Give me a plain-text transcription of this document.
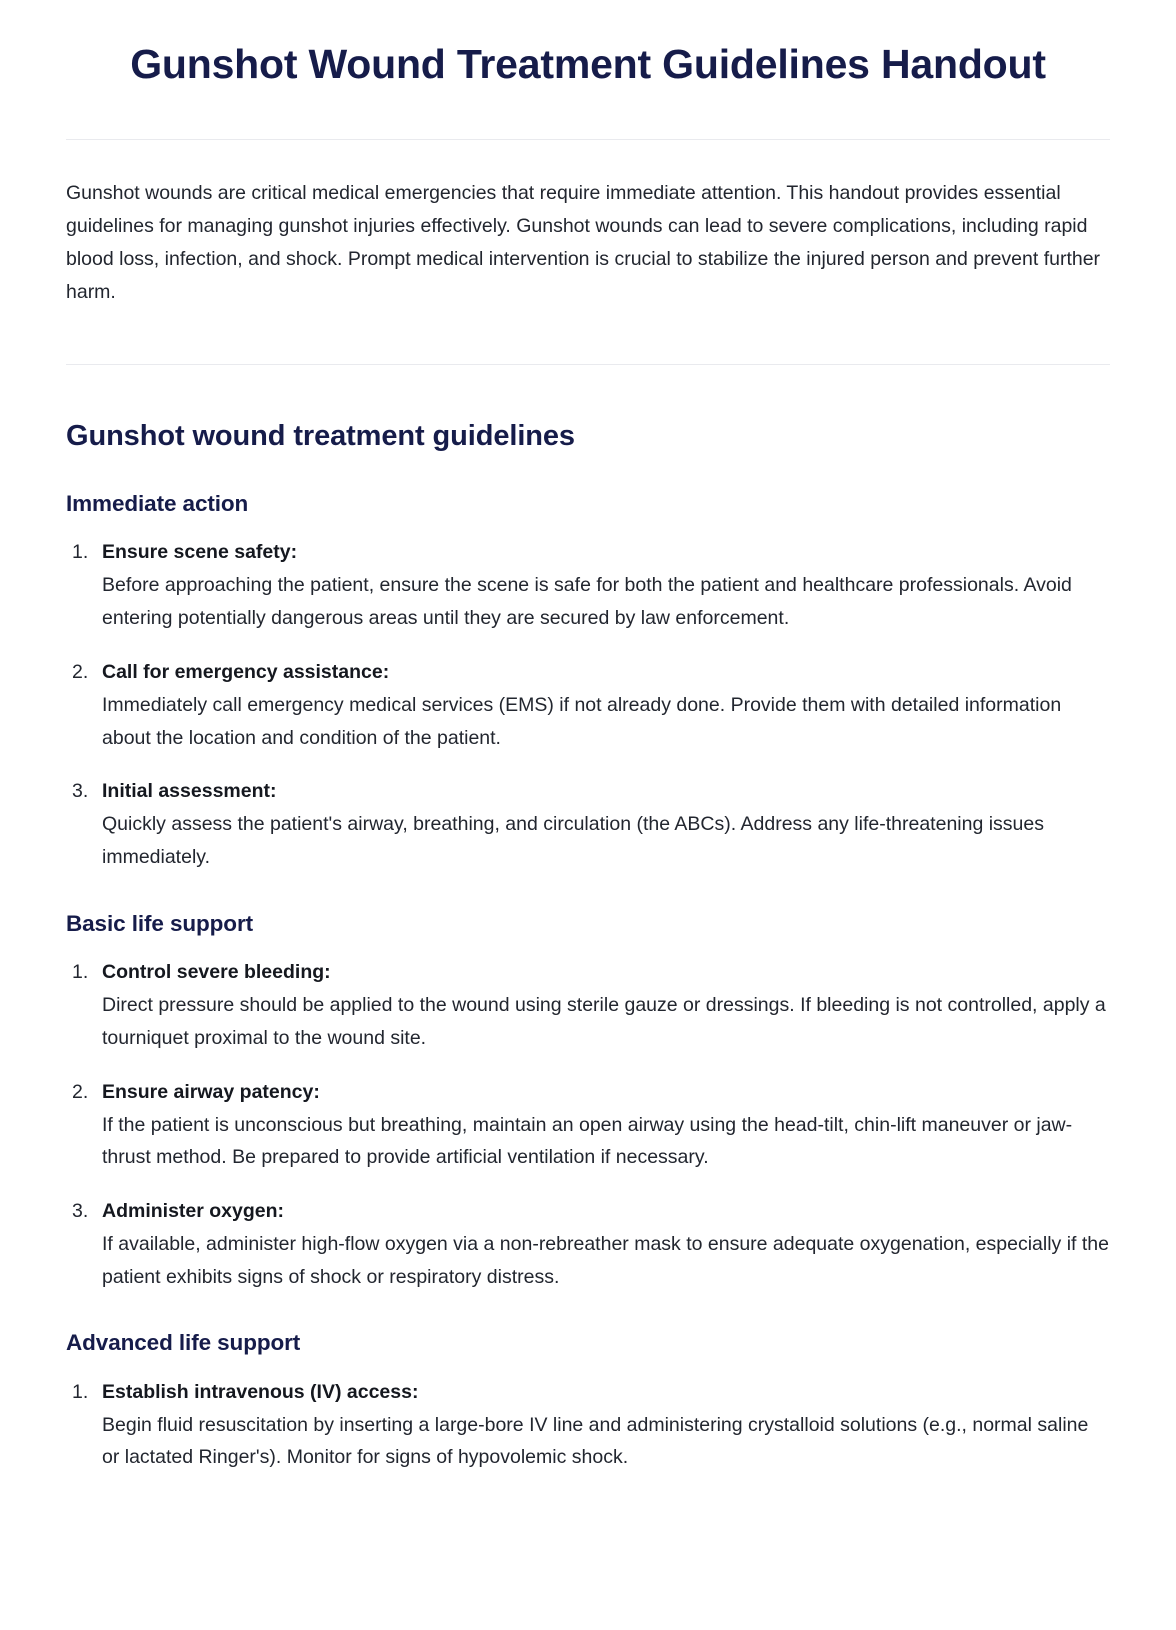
Gunshot Wound Treatment Guidelines Handout

Gunshot wounds are critical medical emergencies that require immediate attention. This handout provides essential guidelines for managing gunshot injuries effectively. Gunshot wounds can lead to severe complications, including rapid blood loss, infection, and shock. Prompt medical intervention is crucial to stabilize the injured person and prevent further harm.

Gunshot wound treatment guidelines
Immediate action
Ensure scene safety:
Before approaching the patient, ensure the scene is safe for both the patient and healthcare professionals. Avoid entering potentially dangerous areas until they are secured by law enforcement.
Call for emergency assistance:
Immediately call emergency medical services (EMS) if not already done. Provide them with detailed information about the location and condition of the patient.
Initial assessment:
Quickly assess the patient's airway, breathing, and circulation (the ABCs). Address any life-threatening issues immediately.
Basic life support
Control severe bleeding:
Direct pressure should be applied to the wound using sterile gauze or dressings. If bleeding is not controlled, apply a tourniquet proximal to the wound site.
Ensure airway patency:
If the patient is unconscious but breathing, maintain an open airway using the head-tilt, chin-lift maneuver or jaw-thrust method. Be prepared to provide artificial ventilation if necessary.
Administer oxygen:
If available, administer high-flow oxygen via a non-rebreather mask to ensure adequate oxygenation, especially if the patient exhibits signs of shock or respiratory distress.
Advanced life support
Establish intravenous (IV) access:
Begin fluid resuscitation by inserting a large-bore IV line and administering crystalloid solutions (e.g., normal saline or lactated Ringer's). Monitor for signs of hypovolemic shock.
